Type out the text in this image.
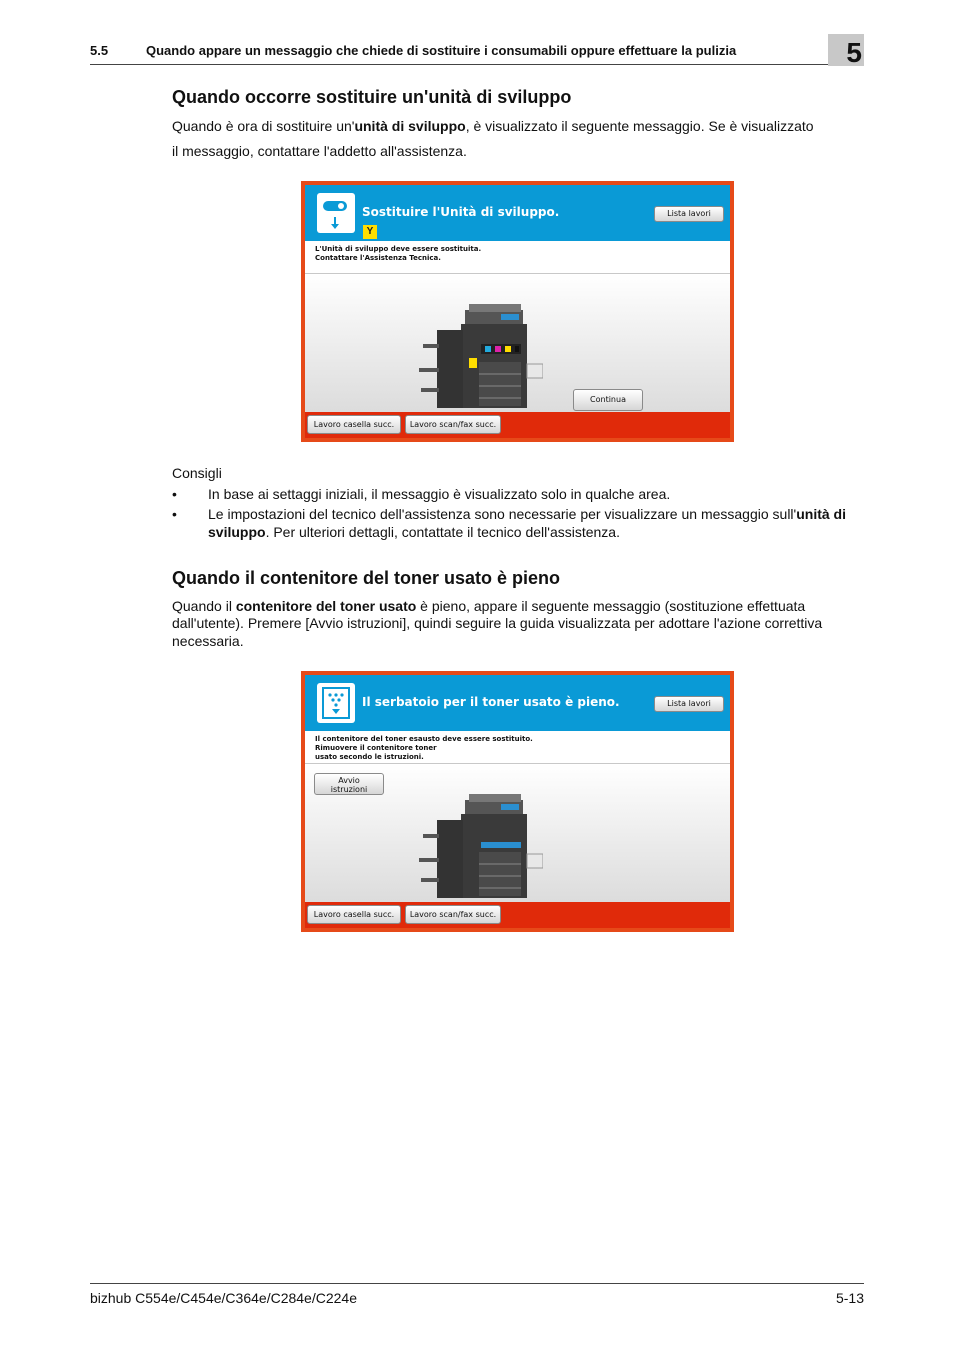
5.5	Quando appare un messaggio che chiede di sostituire i consumabili oppure effettuare la pulizia	5
Quando occorre sostituire un'unità di sviluppo
Quando è ora di sostituire un'unità di sviluppo, è visualizzato il seguente messaggio. Se è visualizzato
il messaggio, contattare l'addetto all'assistenza.
Sostituire l'Unità di sviluppo.	Lista lavori
Y
L'Unità di sviluppo deve essere sostituita.
Contattare l'Assistenza Tecnica.
Continua
Lavoro casella succ.	Lavoro scan/fax succ.
Consigli
• In base ai settaggi iniziali, il messaggio è visualizzato solo in qualche area.
• Le impostazioni del tecnico dell'assistenza sono necessarie per visualizzare un messaggio sull'unità di
sviluppo. Per ulteriori dettagli, contattate il tecnico dell'assistenza.
Quando il contenitore del toner usato è pieno
Quando il contenitore del toner usato è pieno, appare il seguente messaggio (sostituzione effettuata
dall'utente). Premere [Avvio istruzioni], quindi seguire la guida visualizzata per adottare l'azione correttiva
necessaria.
Il serbatoio per il toner usato è pieno.	Lista lavori
Il contenitore del toner esausto deve essere sostituito.
Rimuovere il contenitore toner
usato secondo le istruzioni.
Avvio
istruzioni
Lavoro casella succ.	Lavoro scan/fax succ.
bizhub C554e/C454e/C364e/C284e/C224e	5-13
